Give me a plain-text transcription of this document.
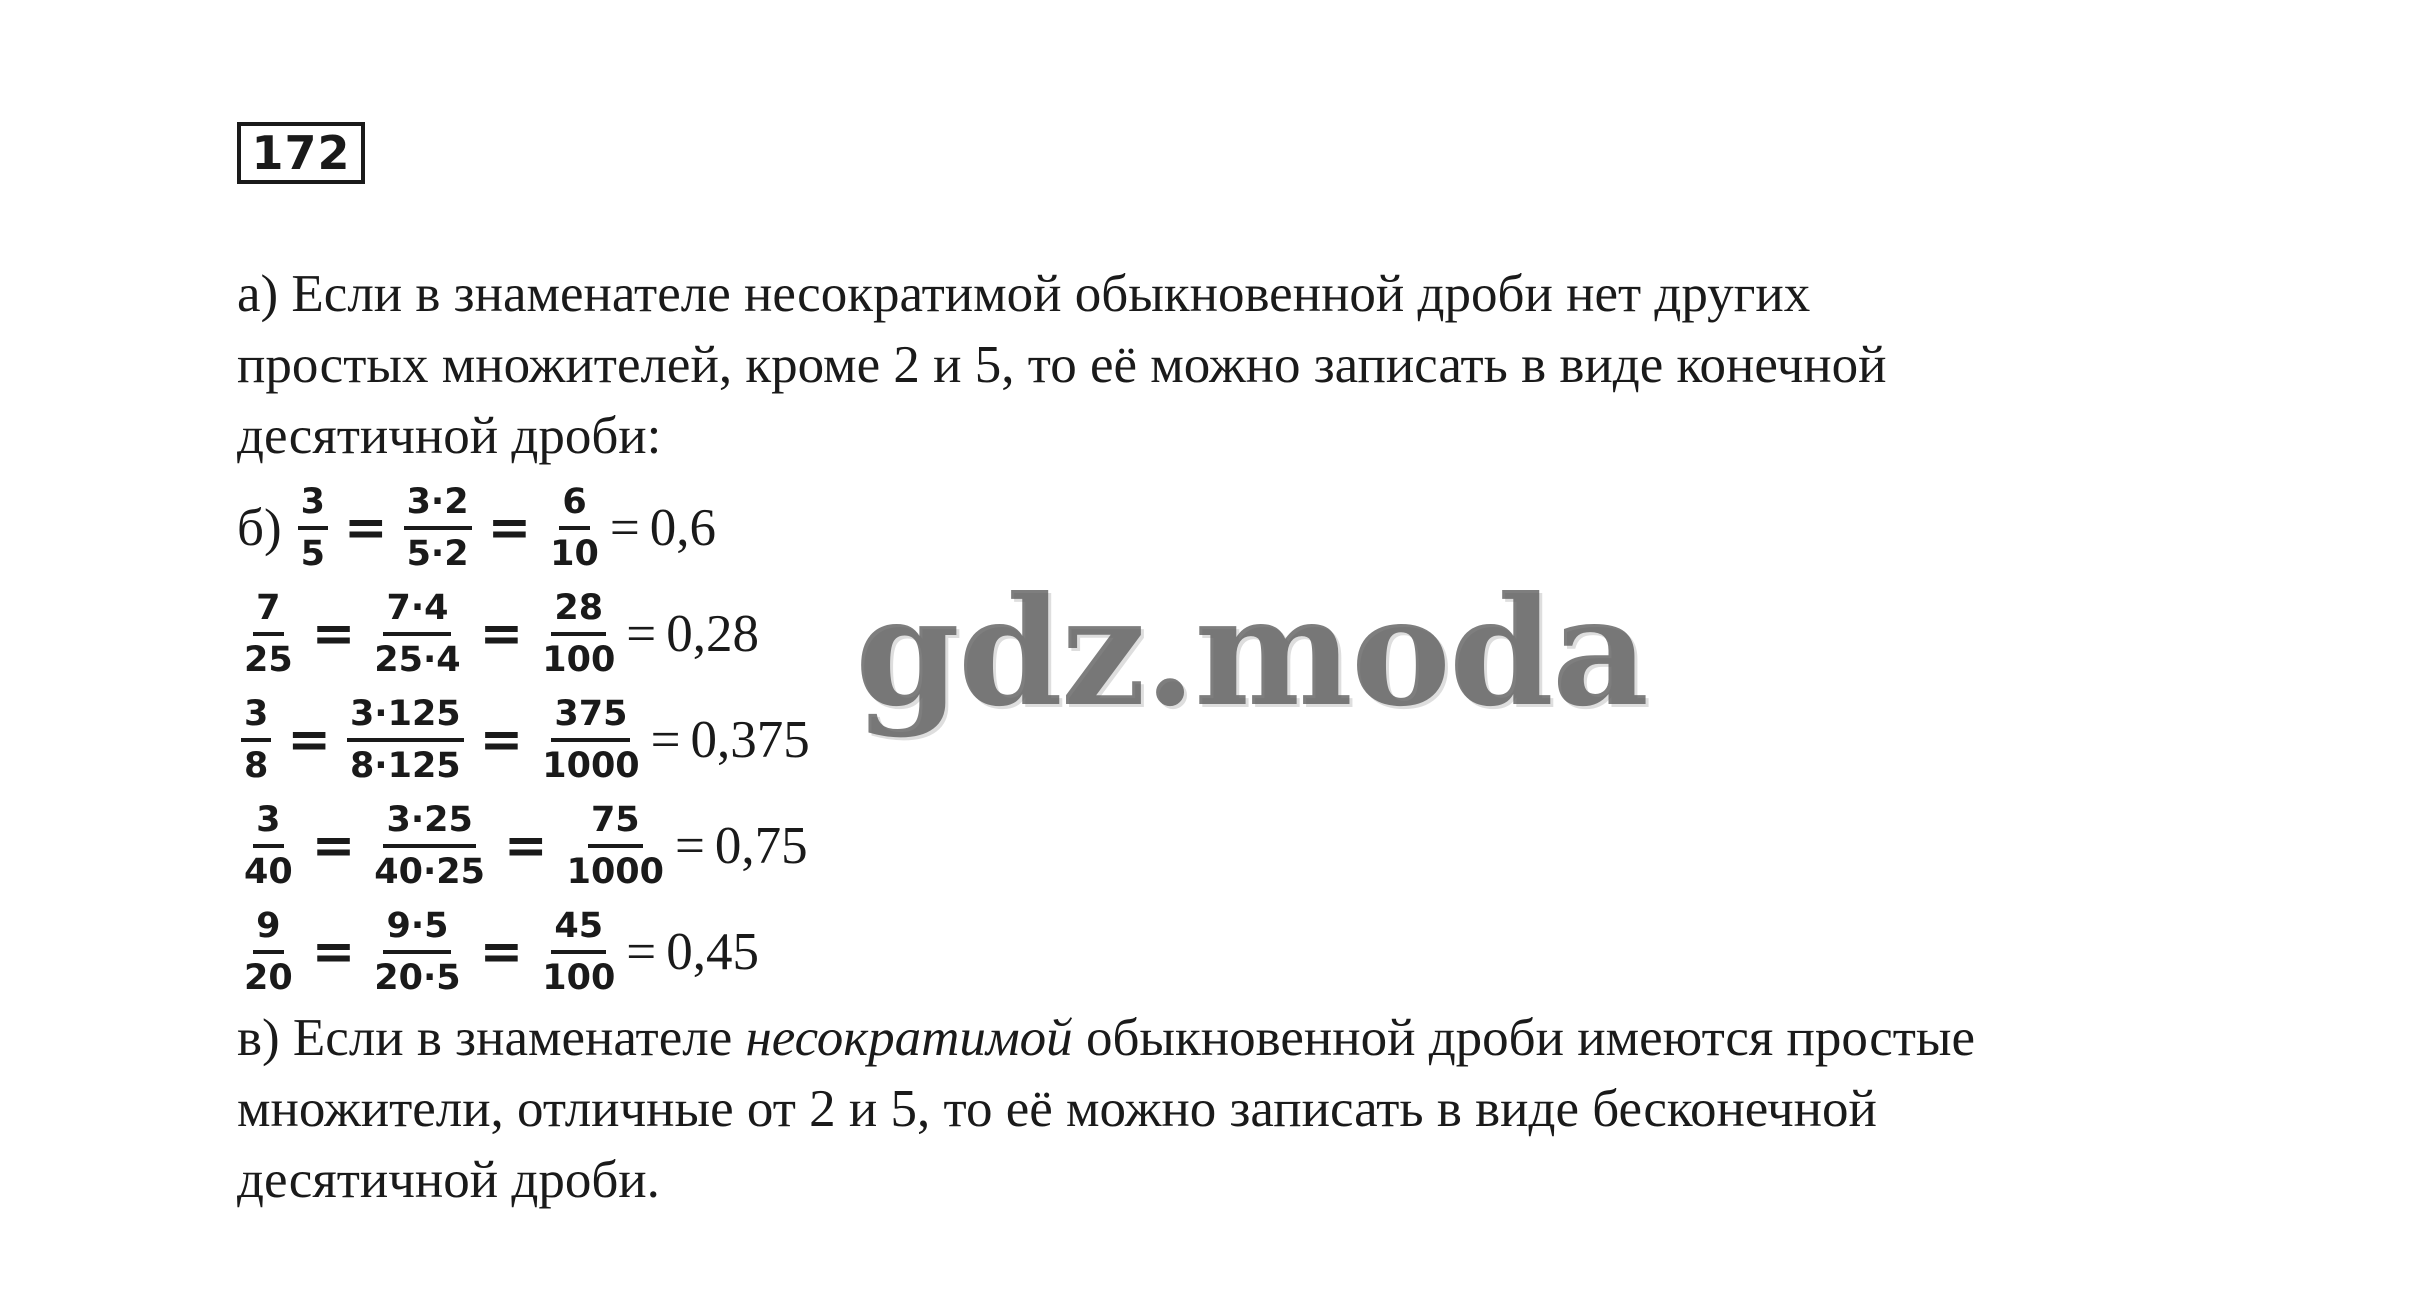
172

а) Если в знаменателе несократимой обыкновенной дроби нет других
простых множителей, кроме 2 и 5, то её можно записать в виде конечной
десятичной дроби:

$б) \frac{3}{5} = \frac{3\cdot 2}{5\cdot 2} = \frac{6}{10} = 0,6$
$\frac{7}{25} = \frac{7\cdot 4}{25\cdot 4} = \frac{28}{100} = 0,28$
$\frac{3}{8} = \frac{3\cdot 125}{8\cdot 125} = \frac{375}{1000} = 0,375$
$\frac{3}{40} = \frac{3\cdot 25}{40\cdot 25} = \frac{75}{1000} = 0,75$
$\frac{9}{20} = \frac{9\cdot 5}{20\cdot 5} = \frac{45}{100} = 0,45$

в) Если в знаменателе несократимой обыкновенной дроби имеются простые
множители, отличные от 2 и 5, то её можно записать в виде бесконечной
десятичной дроби.

gdz.moda
